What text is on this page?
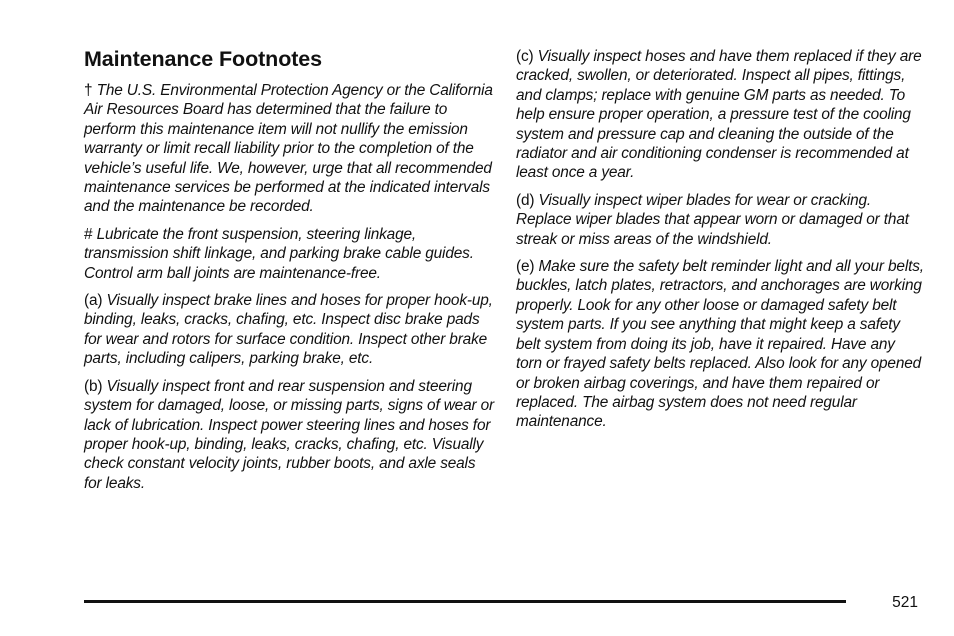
Maintenance Footnotes

† The U.S. Environmental Protection Agency or the California Air Resources Board has determined that the failure to perform this maintenance item will not nullify the emission warranty or limit recall liability prior to the completion of the vehicle’s useful life. We, however, urge that all recommended maintenance services be performed at the indicated intervals and the maintenance be recorded.

# Lubricate the front suspension, steering linkage, transmission shift linkage, and parking brake cable guides. Control arm ball joints are maintenance-free.

(a) Visually inspect brake lines and hoses for proper hook-up, binding, leaks, cracks, chafing, etc. Inspect disc brake pads for wear and rotors for surface condition. Inspect other brake parts, including calipers, parking brake, etc.

(b) Visually inspect front and rear suspension and steering system for damaged, loose, or missing parts, signs of wear or lack of lubrication. Inspect power steering lines and hoses for proper hook-up, binding, leaks, cracks, chafing, etc. Visually check constant velocity joints, rubber boots, and axle seals for leaks.

(c) Visually inspect hoses and have them replaced if they are cracked, swollen, or deteriorated. Inspect all pipes, fittings, and clamps; replace with genuine GM parts as needed. To help ensure proper operation, a pressure test of the cooling system and pressure cap and cleaning the outside of the radiator and air conditioning condenser is recommended at least once a year.

(d) Visually inspect wiper blades for wear or cracking. Replace wiper blades that appear worn or damaged or that streak or miss areas of the windshield.

(e) Make sure the safety belt reminder light and all your belts, buckles, latch plates, retractors, and anchorages are working properly. Look for any other loose or damaged safety belt system parts. If you see anything that might keep a safety belt system from doing its job, have it repaired. Have any torn or frayed safety belts replaced. Also look for any opened or broken airbag coverings, and have them repaired or replaced. The airbag system does not need regular maintenance.

521
